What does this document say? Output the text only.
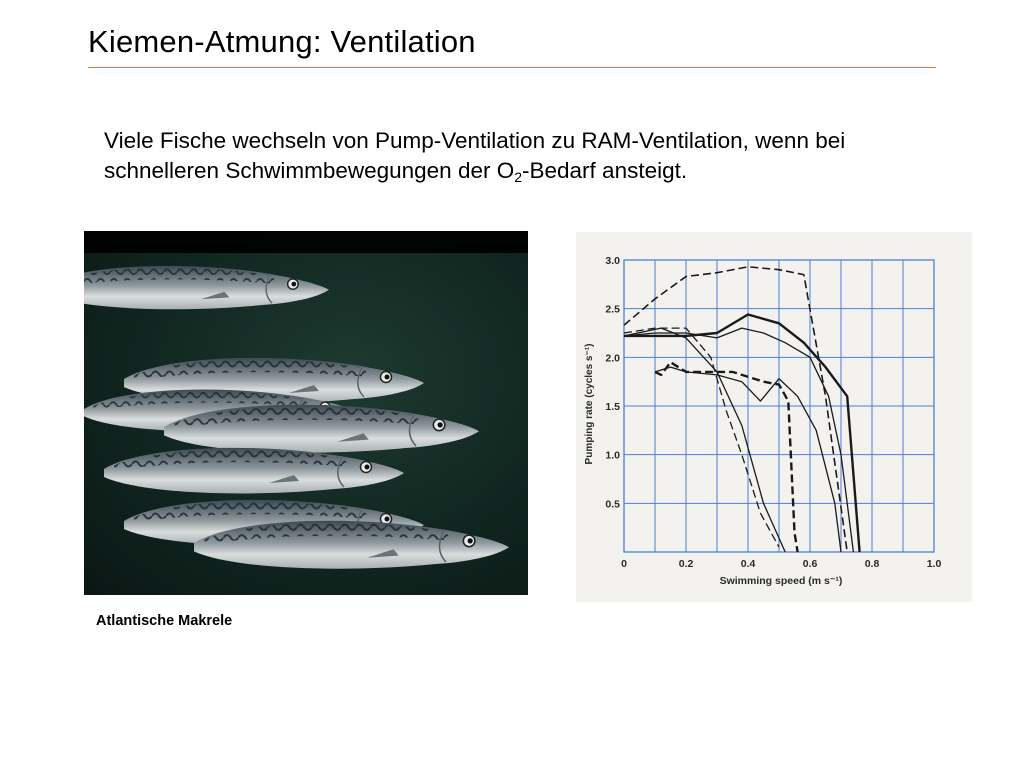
Kiemen-Atmung: Ventilation

Viele Fische wechseln von Pump-Ventilation zu RAM-Ventilation, wenn bei schnelleren Schwimmbewegungen der $O_2$-Bedarf ansteigt.

Atlantische Makrele
0	0.2	0.4	0.6	0.8	1.0
0.5
1.0
1.5
2.0
2.5
3.0
Swimming speed (m s⁻¹)
Pumping rate (cycles s⁻¹)
